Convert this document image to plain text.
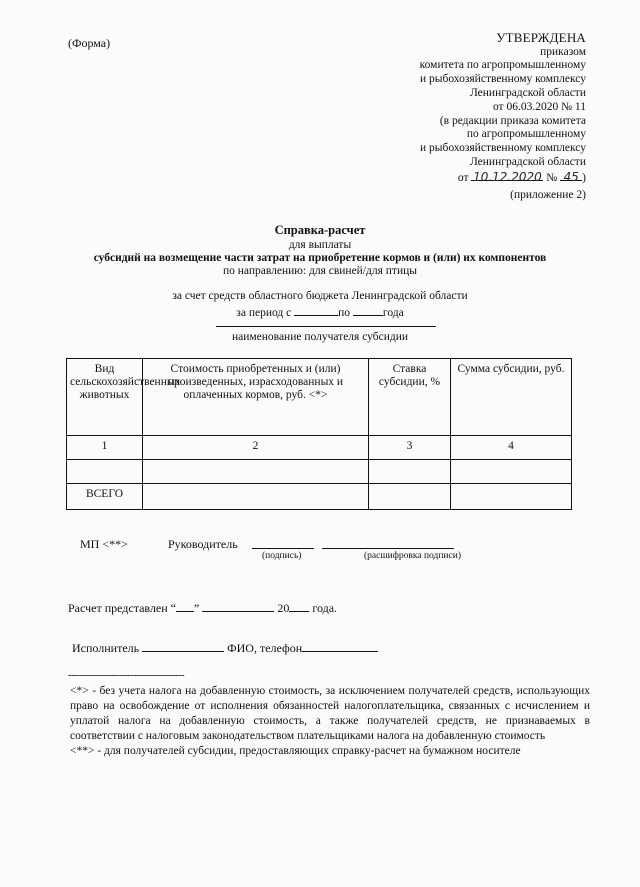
(Форма)	УТВЕРЖДЕНА
приказом
комитета по агропромышленному
и рыбохозяйственному комплексу
Ленинградской области
от 06.03.2020 № 11
(в редакции приказа комитета
по агропромышленному
и рыбохозяйственному комплексу
Ленинградской области
от 10.12.2020 № 45 )
(приложение 2)
Справка-расчет
для выплаты
субсидий на возмещение части затрат на приобретение кормов и (или) их компонентов
по направлению: для свиней/для птицы
за счет средств областного бюджета Ленинградской области
за период с	по	года
наименование получателя субсидии
Вид сельскохозяйственных животных	Стоимость приобретенных и (или) произведенных, израсходованных и оплаченных кормов, руб. <*>	Ставка субсидии, %	Сумма субсидии, руб.
1	2	3	4

ВСЕГО			
МП <**>	Руководитель
(подпись)	(расшифровка подписи)
Расчет представлен “ ”	20 года.
Исполнитель	ФИО, телефон
-----------------------------------------

<*> - без учета налога на добавленную стоимость, за исключением получателей средств, использующих право на освобождение от исполнения обязанностей налогоплательщика, связанных с исчислением и уплатой налога на добавленную стоимость, а также получателей средств, не признаваемых в соответствии с налоговым законодательством плательщиками налога на добавленную стоимость

<**> - для получателей субсидии, предоставляющих справку-расчет на бумажном носителе
